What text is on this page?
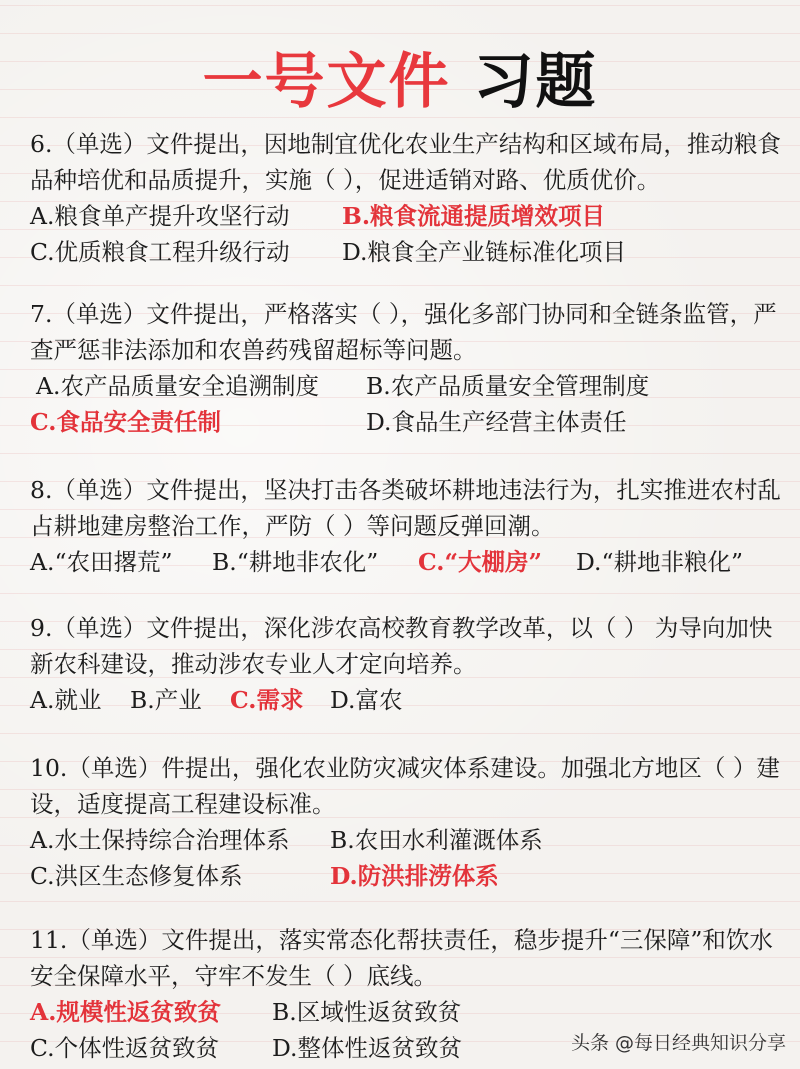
一号文件 习题

6.（单选）文件提出，因地制宜优化农业生产结构和区域布局，推动粮食品种培优和品质提升，实施（ ），促进适销对路、优质优价。

A.粮食单产提升攻坚行动 B.粮食流通提质增效项目
C.优质粮食工程升级行动 D.粮食全产业链标准化项目

7.（单选）文件提出，严格落实（ ），强化多部门协同和全链条监管，严查严惩非法添加和农兽药残留超标等问题。

A.农产品质量安全追溯制度 B.农产品质量安全管理制度
C.食品安全责任制	D.食品生产经营主体责任

8.（单选）文件提出，坚决打击各类破坏耕地违法行为，扎实推进农村乱占耕地建房整治工作，严防（ ）等问题反弹回潮。

A.“农田撂荒” B.“耕地非农化” C.“大棚房” D.“耕地非粮化”

9.（单选）文件提出，深化涉农高校教育教学改革，以（ ） 为导向加快新农科建设，推动涉农专业人才定向培养。

A.就业 B.产业 C.需求 D.富农

10.（单选）件提出，强化农业防灾减灾体系建设。加强北方地区（ ）建设，适度提高工程建设标准。

A.水土保持综合治理体系 B.农田水利灌溉体系
C.洪区生态修复体系	D.防洪排涝体系

11.（单选）文件提出，落实常态化帮扶责任，稳步提升“三保障”和饮水安全保障水平，守牢不发生（ ）底线。

A.规模性返贫致贫 B.区域性返贫致贫
C.个体性返贫致贫 D.整体性返贫致贫	头条 @每日经典知识分享
